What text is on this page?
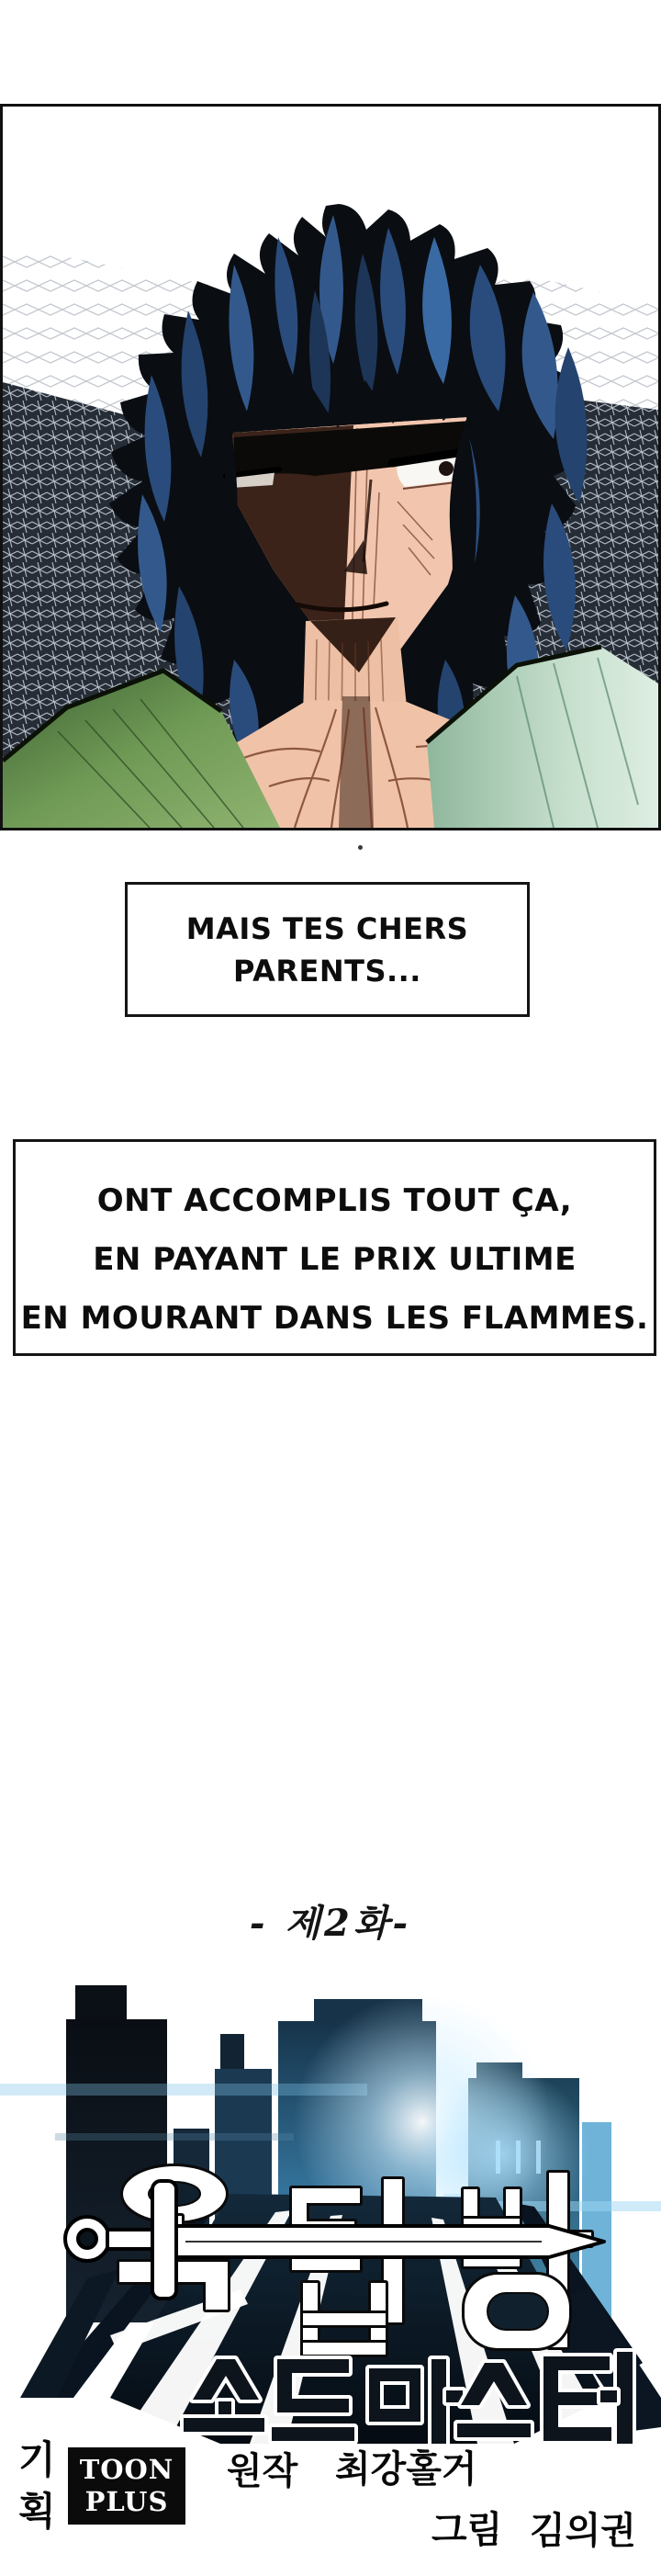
MAIS TES CHERS
PARENTS...
ONT ACCOMPLIS TOUT ÇA,
EN PAYANT LE PRIX ULTIME
EN MOURANT DANS LES FLAMMES.
- 제2화-
기
획
TOON
PLUS
원작 최강홀거
그림 김의권
